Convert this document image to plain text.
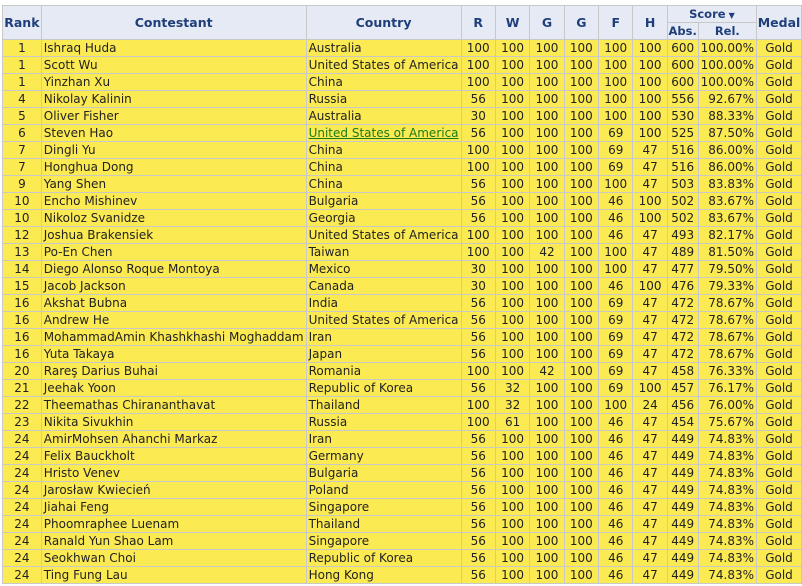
Rank	Contestant	Country	R	W	G	G	F	H	Score ▼		Medal
									Abs.	Rel.	
1	Ishraq Huda	Australia	100	100	100	100	100	100	600	100.00%	Gold
1	Scott Wu	United States of America	100	100	100	100	100	100	600	100.00%	Gold
1	Yinzhan Xu	China	100	100	100	100	100	100	600	100.00%	Gold
4	Nikolay Kalinin	Russia	56	100	100	100	100	100	556	92.67%	Gold
5	Oliver Fisher	Australia	30	100	100	100	100	100	530	88.33%	Gold
6	Steven Hao	United States of America	56	100	100	100	69	100	525	87.50%	Gold
7	Dingli Yu	China	100	100	100	100	69	47	516	86.00%	Gold
7	Honghua Dong	China	100	100	100	100	69	47	516	86.00%	Gold
9	Yang Shen	China	56	100	100	100	100	47	503	83.83%	Gold
10	Encho Mishinev	Bulgaria	56	100	100	100	46	100	502	83.67%	Gold
10	Nikoloz Svanidze	Georgia	56	100	100	100	46	100	502	83.67%	Gold
12	Joshua Brakensiek	United States of America	100	100	100	100	46	47	493	82.17%	Gold
13	Po-En Chen	Taiwan	100	100	42	100	100	47	489	81.50%	Gold
14	Diego Alonso Roque Montoya	Mexico	30	100	100	100	100	47	477	79.50%	Gold
15	Jacob Jackson	Canada	30	100	100	100	46	100	476	79.33%	Gold
16	Akshat Bubna	India	56	100	100	100	69	47	472	78.67%	Gold
16	Andrew He	United States of America	56	100	100	100	69	47	472	78.67%	Gold
16	MohammadAmin Khashkhashi Moghaddam	Iran	56	100	100	100	69	47	472	78.67%	Gold
16	Yuta Takaya	Japan	56	100	100	100	69	47	472	78.67%	Gold
20	Rareş Darius Buhai	Romania	100	100	42	100	69	47	458	76.33%	Gold
21	Jeehak Yoon	Republic of Korea	56	32	100	100	69	100	457	76.17%	Gold
22	Theemathas Chirananthavat	Thailand	100	32	100	100	100	24	456	76.00%	Gold
23	Nikita Sivukhin	Russia	100	61	100	100	46	47	454	75.67%	Gold
24	AmirMohsen Ahanchi Markaz	Iran	56	100	100	100	46	47	449	74.83%	Gold
24	Felix Bauckholt	Germany	56	100	100	100	46	47	449	74.83%	Gold
24	Hristo Venev	Bulgaria	56	100	100	100	46	47	449	74.83%	Gold
24	Jarosław Kwiecień	Poland	56	100	100	100	46	47	449	74.83%	Gold
24	Jiahai Feng	Singapore	56	100	100	100	46	47	449	74.83%	Gold
24	Phoomraphee Luenam	Thailand	56	100	100	100	46	47	449	74.83%	Gold
24	Ranald Yun Shao Lam	Singapore	56	100	100	100	46	47	449	74.83%	Gold
24	Seokhwan Choi	Republic of Korea	56	100	100	100	46	47	449	74.83%	Gold
24	Ting Fung Lau	Hong Kong	56	100	100	100	46	47	449	74.83%	Gold
